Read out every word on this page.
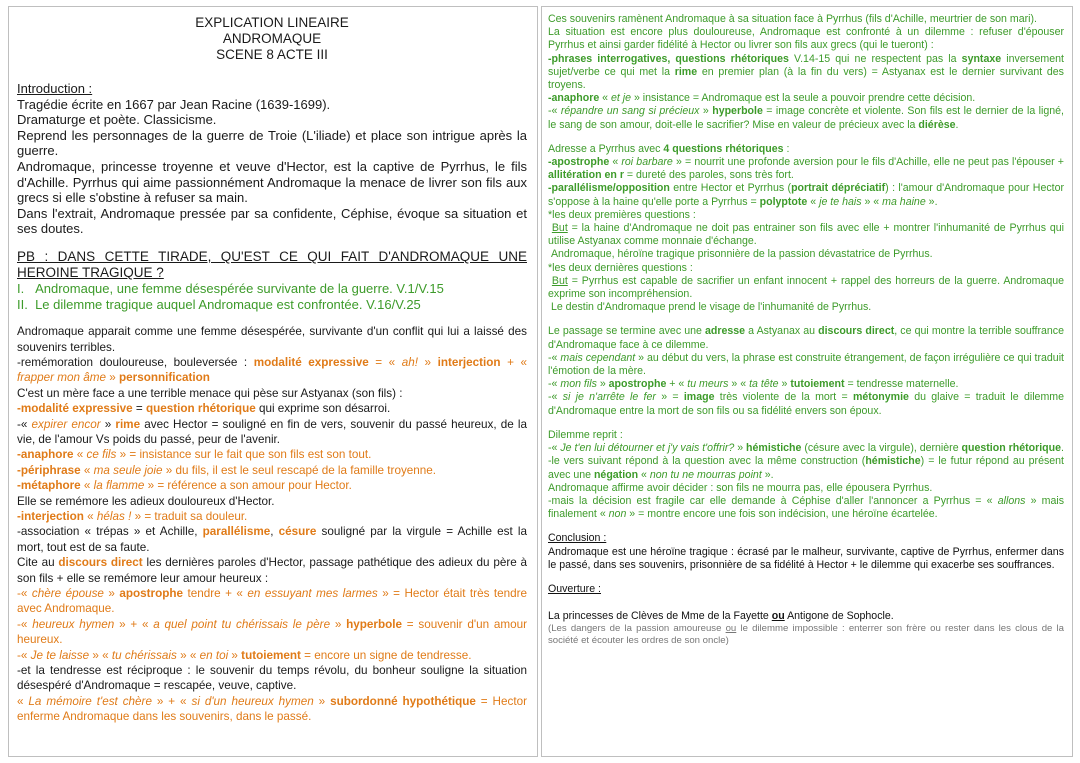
EXPLICATION LINEAIRE
ANDROMAQUE
SCENE 8 ACTE III

Introduction :

Tragédie écrite en 1667 par Jean Racine (1639-1699).

Dramaturge et poète. Classicisme.

Reprend les personnages de la guerre de Troie (L'iliade) et place son intrigue après la guerre.

Andromaque, princesse troyenne et veuve d'Hector, est la captive de Pyrrhus, le fils d'Achille. Pyrrhus qui aime passionnément Andromaque la menace de livrer son fils aux grecs si elle s'obstine à refuser sa main.

Dans l'extrait, Andromaque pressée par sa confidente, Céphise, évoque sa situation et ses doutes.

PB : DANS CETTE TIRADE, QU'EST CE QUI FAIT D'ANDROMAQUE UNE HEROINE TRAGIQUE ?
I. Andromaque, une femme désespérée survivante de la guerre. V.1/V.15
II. Le dilemme tragique auquel Andromaque est confrontée. V.16/V.25

Andromaque apparait comme une femme désespérée, survivante d'un conflit qui lui a laissé des souvenirs terribles.

-remémoration douloureuse, bouleversée : modalité expressive = « ah! » interjection + « frapper mon âme » personnification

C'est un mère face a une terrible menace qui pèse sur Astyanax (son fils) :

-modalité expressive = question rhétorique qui exprime son désarroi.

-« expirer encor » rime avec Hector = souligné en fin de vers, souvenir du passé heureux, de la vie, de l'amour Vs poids du passé, peur de l'avenir.

-anaphore « ce fils » = insistance sur le fait que son fils est son tout.

-périphrase « ma seule joie » du fils, il est le seul rescapé de la famille troyenne.

-métaphore « la flamme » = référence a son amour pour Hector.

Elle se remémore les adieux douloureux d'Hector.

-interjection « hélas ! » = traduit sa douleur.

-association « trépas » et Achille, parallélisme, césure souligné par la virgule = Achille est la mort, tout est de sa faute.

Cite au discours direct les dernières paroles d'Hector, passage pathétique des adieux du père à son fils + elle se remémore leur amour heureux :

-« chère épouse » apostrophe tendre + « en essuyant mes larmes » = Hector était très tendre avec Andromaque.

-« heureux hymen » + « a quel point tu chérissais le père » hyperbole = souvenir d'un amour heureux.

-« Je te laisse » « tu chérissais » « en toi » tutoiement = encore un signe de tendresse.

-et la tendresse est réciproque : le souvenir du temps révolu, du bonheur souligne la situation désespéré d'Andromaque = rescapée, veuve, captive.

« La mémoire t'est chère » + « si d'un heureux hymen » subordonné hypothétique = Hector enferme Andromaque dans les souvenirs, dans le passé.

Ces souvenirs ramènent Andromaque à sa situation face à Pyrrhus (fils d'Achille, meurtrier de son mari).

La situation est encore plus douloureuse, Andromaque est confronté à un dilemme : refuser d'épouser Pyrrhus et ainsi garder fidélité à Hector ou livrer son fils aux grecs (qui le tueront) :

-phrases interrogatives, questions rhétoriques V.14-15 qui ne respectent pas la syntaxe inversement sujet/verbe ce qui met la rime en premier plan (à la fin du vers) = Astyanax est le dernier survivant des troyens.

-anaphore « et je » insistance = Andromaque est la seule a pouvoir prendre cette décision.

-« répandre un sang si précieux » hyperbole = image concrète et violente. Son fils est le dernier de la ligné, le sang de son amour, doit-elle le sacrifier? Mise en valeur de précieux avec la diérèse.

Adresse a Pyrrhus avec 4 questions rhétoriques :

-apostrophe « roi barbare » = nourrit une profonde aversion pour le fils d'Achille, elle ne peut pas l'épouser + allitération en r = dureté des paroles, sons très fort.

-parallélisme/opposition entre Hector et Pyrrhus (portrait dépréciatif) : l'amour d'Andromaque pour Hector s'oppose à la haine qu'elle porte a Pyrrhus = polyptote « je te hais » « ma haine ».

*les deux premières questions :

But = la haine d'Andromaque ne doit pas entrainer son fils avec elle + montrer l'inhumanité de Pyrrhus qui utilise Astyanax comme monnaie d'échange.

Andromaque, héroïne tragique prisonnière de la passion dévastatrice de Pyrrhus.

*les deux dernières questions :

But = Pyrrhus est capable de sacrifier un enfant innocent + rappel des horreurs de la guerre. Andromaque exprime son incompréhension.

Le destin d'Andromaque prend le visage de l'inhumanité de Pyrrhus.

Le passage se termine avec une adresse a Astyanax au discours direct, ce qui montre la terrible souffrance d'Andromaque face à ce dilemme.

-« mais cependant » au début du vers, la phrase est construite étrangement, de façon irrégulière ce qui traduit l'émotion de la mère.

-« mon fils » apostrophe + « tu meurs » « ta tête » tutoiement = tendresse maternelle.

-« si je n'arrête le fer » = image très violente de la mort = métonymie du glaive = traduit le dilemme d'Andromaque entre la mort de son fils ou sa fidélité envers son époux.

Dilemme reprit :

-« Je t'en lui détourner et j'y vais t'offrir? » hémistiche (césure avec la virgule), dernière question rhétorique.

-le vers suivant répond à la question avec la même construction (hémistiche) = le futur répond au présent avec une négation « non tu ne mourras point ».

Andromaque affirme avoir décider : son fils ne mourra pas, elle épousera Pyrrhus.

-mais la décision est fragile car elle demande à Céphise d'aller l'annoncer a Pyrrhus = « allons » mais finalement « non » = montre encore une fois son indécision, une héroïne écartelée.

Conclusion :

Andromaque est une héroïne tragique : écrasé par le malheur, survivante, captive de Pyrrhus, enfermer dans le passé, dans ses souvenirs, prisonnière de sa fidélité à Hector + le dilemme qui exacerbe ses souffrances.

Ouverture :

La princesses de Clèves de Mme de la Fayette ou Antigone de Sophocle.

(Les dangers de la passion amoureuse ou le dilemme impossible : enterrer son frère ou rester dans les clous de la société et écouter les ordres de son oncle)
